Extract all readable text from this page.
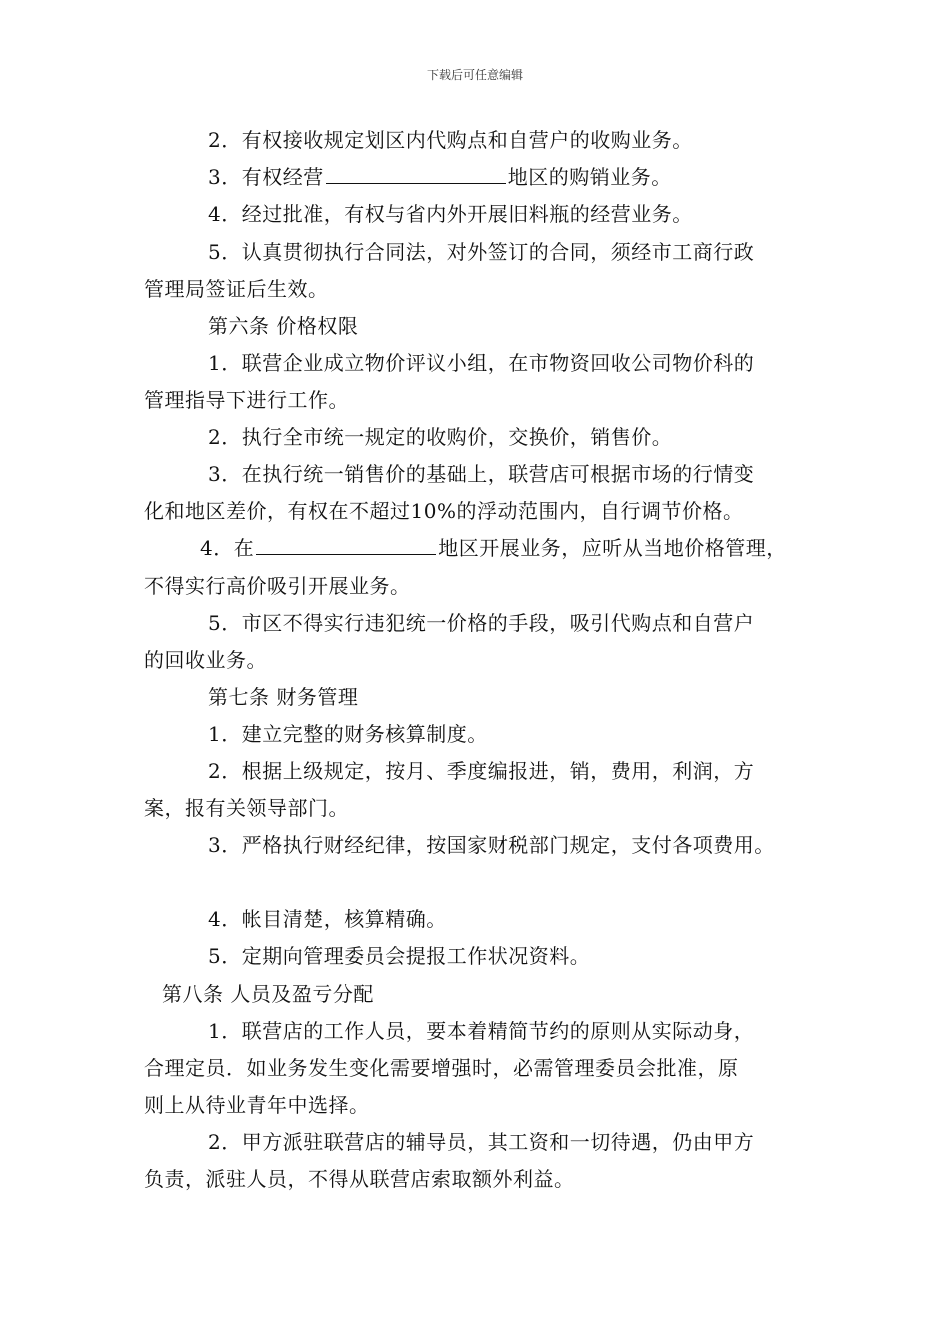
下载后可任意编辑
2．有权接收规定划区内代购点和自营户的收购业务。
3．有权经营	地区的购销业务。
4．经过批准，有权与省内外开展旧料瓶的经营业务。
5．认真贯彻执行合同法，对外签订的合同，须经市工商行政
管理局签证后生效。
第六条 价格权限
1．联营企业成立物价评议小组，在市物资回收公司物价科的
管理指导下进行工作。
2．执行全市统一规定的收购价，交换价，销售价。
3．在执行统一销售价的基础上，联营店可根据市场的行情变
化和地区差价，有权在不超过10%的浮动范围内，自行调节价格。
4．在	地区开展业务，应听从当地价格管理，
不得实行高价吸引开展业务。
5．市区不得实行违犯统一价格的手段，吸引代购点和自营户
的回收业务。
第七条 财务管理
1．建立完整的财务核算制度。
2．根据上级规定，按月、季度编报进，销，费用，利润，方
案，报有关领导部门。
3．严格执行财经纪律，按国家财税部门规定，支付各项费用。
4．帐目清楚，核算精确。
5．定期向管理委员会提报工作状况资料。
第八条 人员及盈亏分配
1．联营店的工作人员，要本着精简节约的原则从实际动身，
合理定员．如业务发生变化需要增强时，必需管理委员会批准，原
则上从待业青年中选择。
2．甲方派驻联营店的辅导员，其工资和一切待遇，仍由甲方
负责，派驻人员，不得从联营店索取额外利益。
